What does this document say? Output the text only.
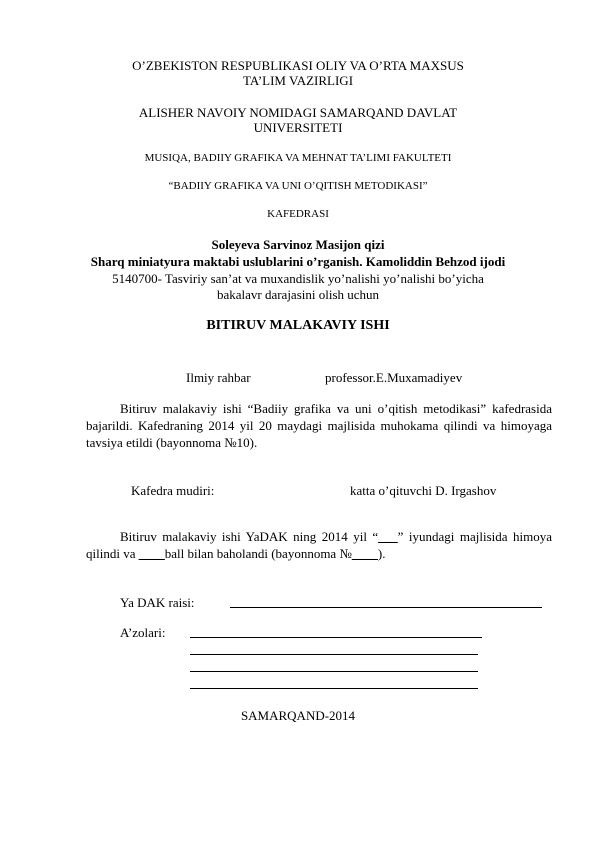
O’ZBEKISTON RESPUBLIKASI OLIY VA O’RTA MAXSUS
TA’LIM VAZIRLIGI
ALISHER NAVOIY NOMIDAGI SAMARQAND DAVLAT
UNIVERSITETI
MUSIQA, BADIIY GRAFIKA VA MEHNAT TA’LIMI FAKULTETI
“BADIIY GRAFIKA VA UNI O’QITISH METODIKASI”
KAFEDRASI
Soleyeva Sarvinoz Masijon qizi
Sharq miniatyura maktabi uslublarini o’rganish. Kamoliddin Behzod ijodi
5140700- Tasviriy san’at va muxandislik yo’nalishi yo’nalishi bo’yicha
bakalavr darajasini olish uchun
BITIRUV MALAKAVIY ISHI
Ilmiy rahbar	professor.E.Muxamadiyev
Bitiruv malakaviy ishi “Badiiy grafika va uni o’qitish metodikasi” kafedrasida bajarildi. Kafedraning 2014 yil 20 maydagi majlisida muhokama qilindi va himoyaga tavsiya etildi (bayonnoma №10).
Kafedra mudiri:	katta o’qituvchi D. Irgashov
Bitiruv malakaviy ishi YaDAK ning 2014 yil “___” iyundagi majlisida himoya qilindi va ____ball bilan baholandi (bayonnoma №____).
Ya DAK raisi:
A’zolari:
SAMARQAND-2014
